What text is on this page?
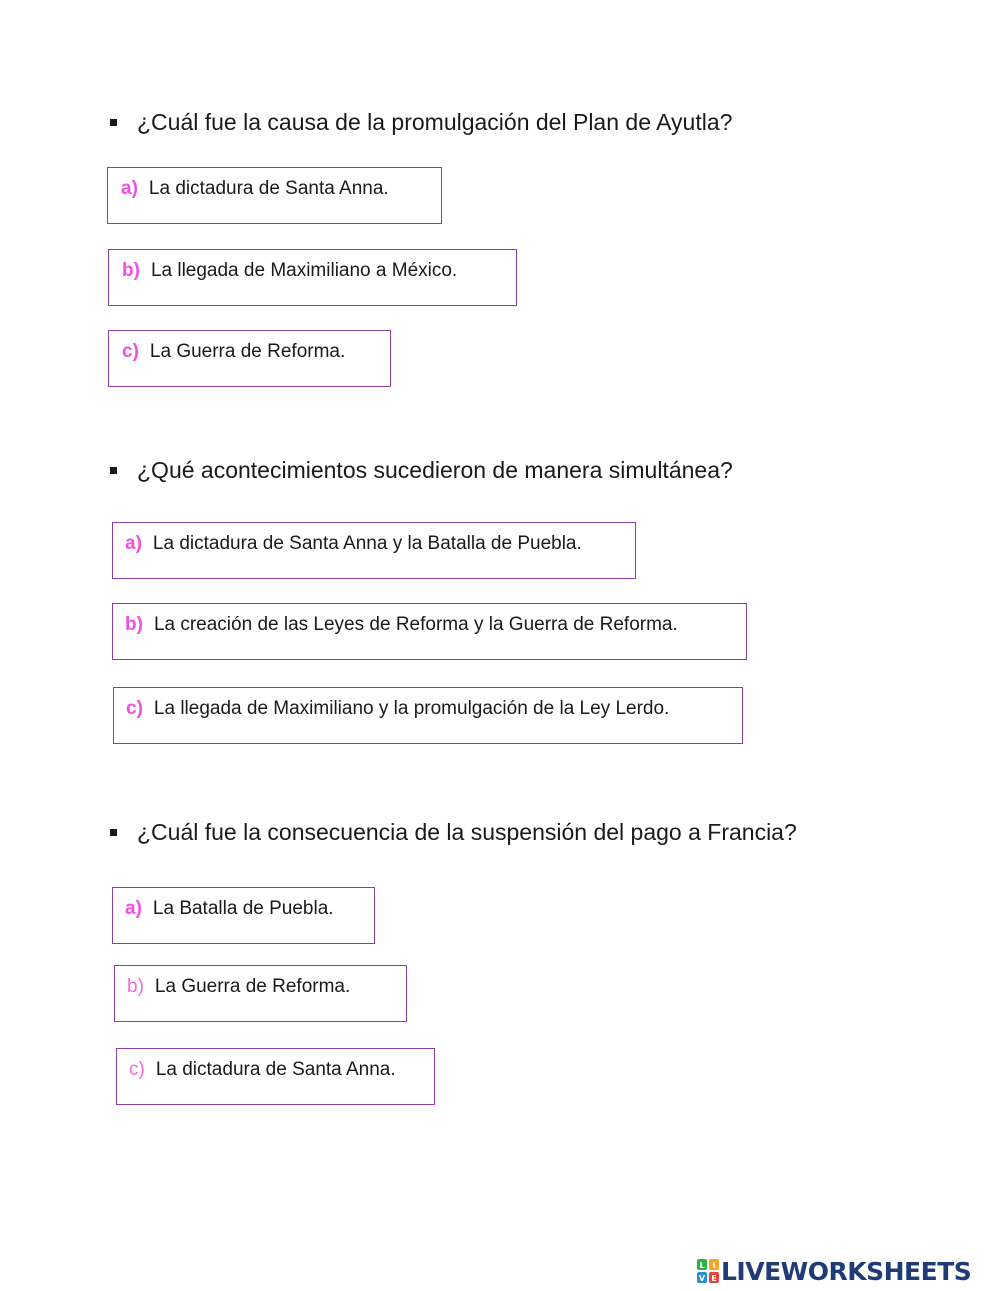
¿Cuál fue la causa de la promulgación del Plan de Ayutla?
a) La dictadura de Santa Anna.
b) La llegada de Maximiliano a México.
c) La Guerra de Reforma.
¿Qué acontecimientos sucedieron de manera simultánea?
a) La dictadura de Santa Anna y la Batalla de Puebla.
b) La creación de las Leyes de Reforma y la Guerra de Reforma.
c) La llegada de Maximiliano y la promulgación de la Ley Lerdo.
¿Cuál fue la consecuencia de la suspensión del pago a Francia?
a) La Batalla de Puebla.
b) La Guerra de Reforma.
c) La dictadura de Santa Anna.
L I
V E LIVEWORKSHEETS
